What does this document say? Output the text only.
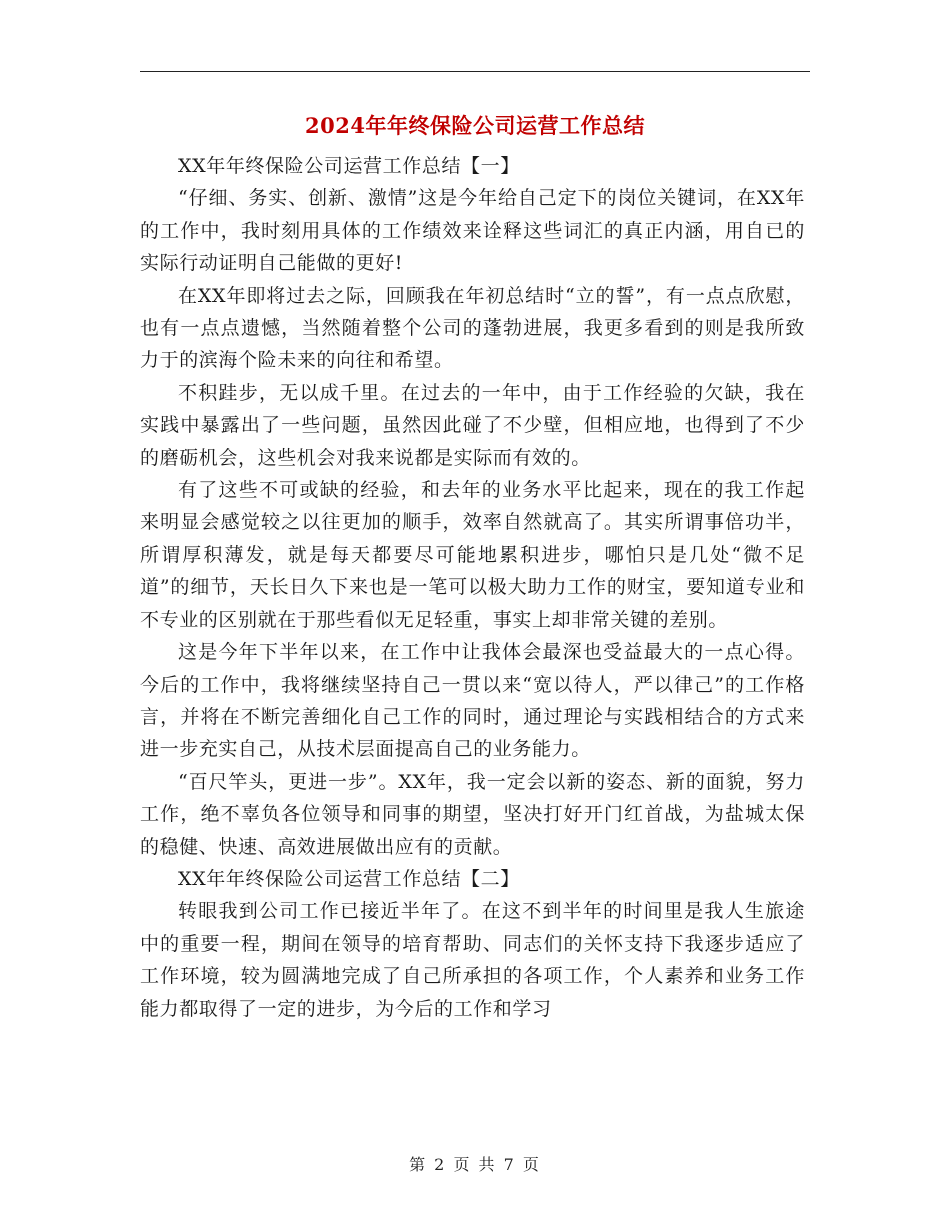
2024年年终保险公司运营工作总结

XX年年终保险公司运营工作总结【一】

“仔细、务实、创新、激情”这是今年给自己定下的岗位关键词，在XX年的工作中，我时刻用具体的工作绩效来诠释这些词汇的真正内涵，用自已的实际行动证明自己能做的更好!

在XX年即将过去之际，回顾我在年初总结时“立的誓”，有一点点欣慰，也有一点点遗憾，当然随着整个公司的蓬勃进展，我更多看到的则是我所致力于的滨海个险未来的向往和希望。

不积跬步，无以成千里。在过去的一年中，由于工作经验的欠缺，我在实践中暴露出了一些问题，虽然因此碰了不少壁，但相应地，也得到了不少的磨砺机会，这些机会对我来说都是实际而有效的。

有了这些不可或缺的经验，和去年的业务水平比起来，现在的我工作起来明显会感觉较之以往更加的顺手，效率自然就高了。其实所谓事倍功半，所谓厚积薄发，就是每天都要尽可能地累积进步，哪怕只是几处“微不足道”的细节，天长日久下来也是一笔可以极大助力工作的财宝，要知道专业和不专业的区别就在于那些看似无足轻重，事实上却非常关键的差别。

这是今年下半年以来，在工作中让我体会最深也受益最大的一点心得。今后的工作中，我将继续坚持自己一贯以来“宽以待人，严以律己”的工作格言，并将在不断完善细化自己工作的同时，通过理论与实践相结合的方式来进一步充实自己，从技术层面提高自己的业务能力。

“百尺竿头，更进一步”。XX年，我一定会以新的姿态、新的面貌，努力工作，绝不辜负各位领导和同事的期望，坚决打好开门红首战，为盐城太保的稳健、快速、高效进展做出应有的贡献。

XX年年终保险公司运营工作总结【二】

转眼我到公司工作已接近半年了。在这不到半年的时间里是我人生旅途中的重要一程，期间在领导的培育帮助、同志们的关怀支持下我逐步适应了工作环境，较为圆满地完成了自己所承担的各项工作，个人素养和业务工作能力都取得了一定的进步，为今后的工作和学习

第 2 页 共 7 页
